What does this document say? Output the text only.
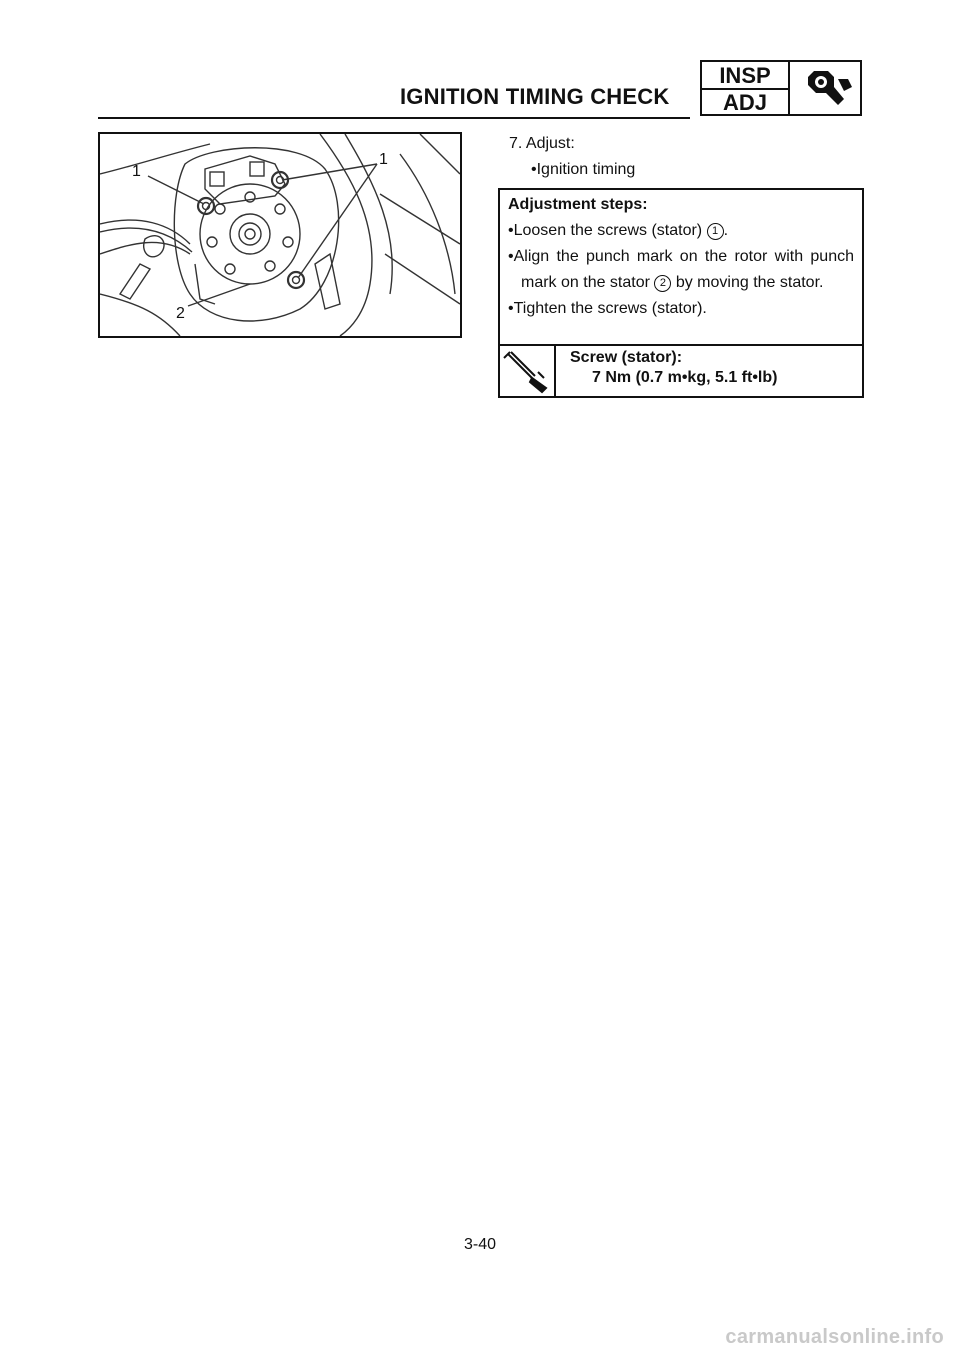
IGNITION TIMING CHECK
INSP
ADJ
1
1
2
7. Adjust:
•Ignition timing
Adjustment steps:
•Loosen the screws (stator) 1 .
•Align the punch mark on the rotor with punch mark on the stator 2 by moving the stator.
•Tighten the screws (stator).
Screw (stator):
7 Nm (0.7 m•kg, 5.1 ft•lb)
3-40
carmanualsonline.info
